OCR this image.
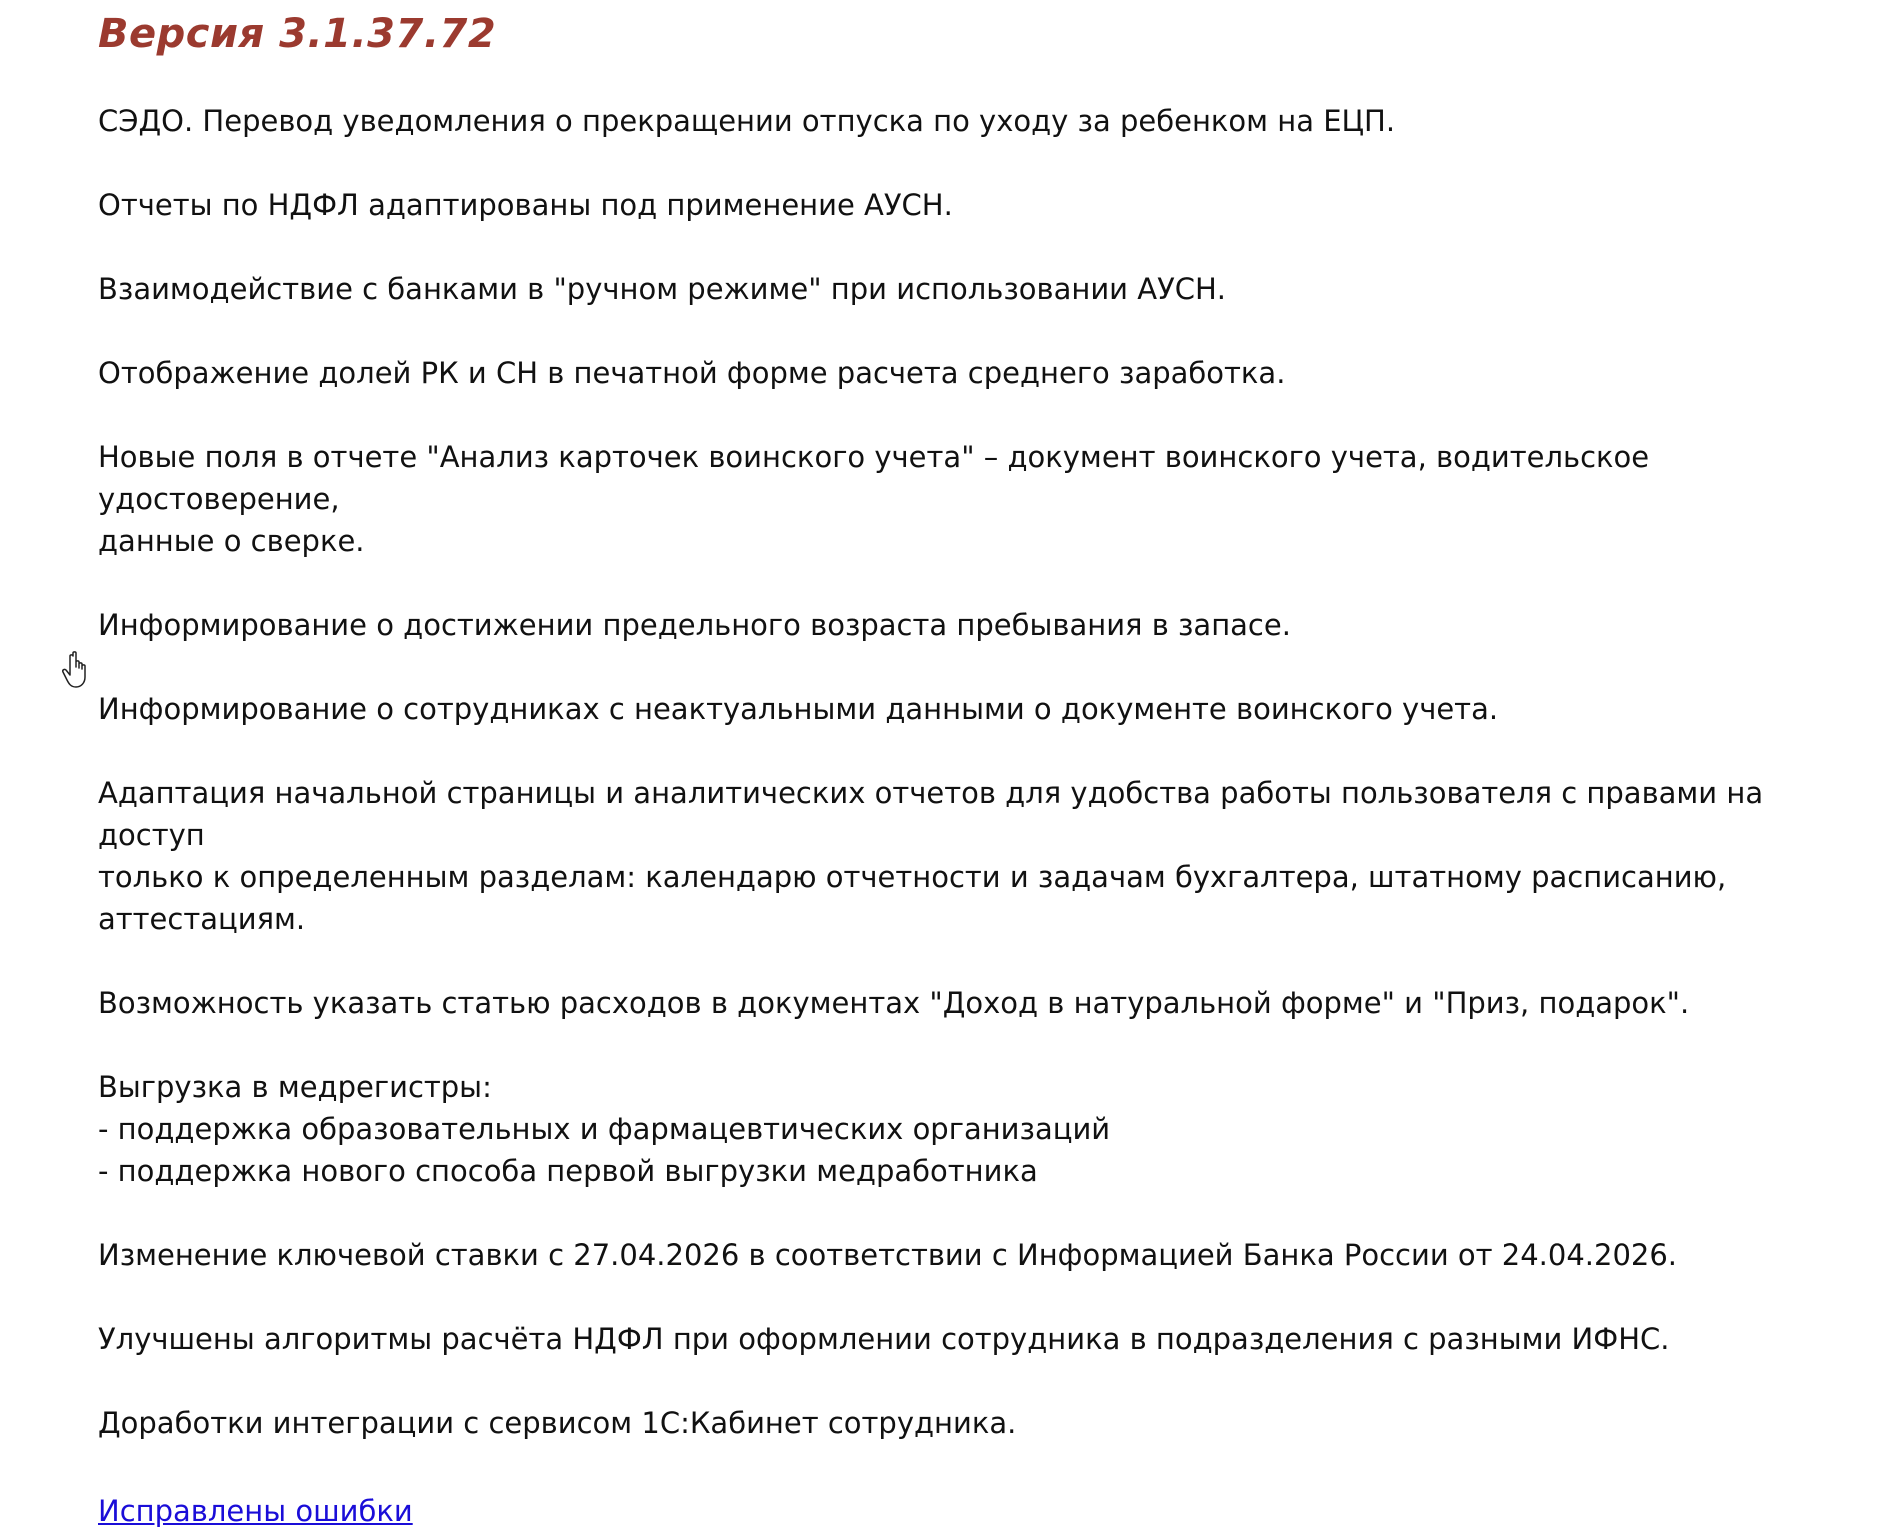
Версия 3.1.37.72
СЭДО. Перевод уведомления о прекращении отпуска по уходу за ребенком на ЕЦП.
Отчеты по НДФЛ адаптированы под применение АУСН.
Взаимодействие с банками в "ручном режиме" при использовании АУСН.
Отображение долей РК и СН в печатной форме расчета среднего заработка.
Новые поля в отчете "Анализ карточек воинского учета" – документ воинского учета, водительское удостоверение,
данные о сверке.
Информирование о достижении предельного возраста пребывания в запасе.
Информирование о сотрудниках с неактуальными данными о документе воинского учета.
Адаптация начальной страницы и аналитических отчетов для удобства работы пользователя с правами на доступ
только к определенным разделам: календарю отчетности и задачам бухгалтера, штатному расписанию,
аттестациям.
Возможность указать статью расходов в документах "Доход в натуральной форме" и "Приз, подарок".
Выгрузка в медрегистры:
- поддержка образовательных и фармацевтических организаций
- поддержка нового способа первой выгрузки медработника
Изменение ключевой ставки с 27.04.2026 в соответствии с Информацией Банка России от 24.04.2026.
Улучшены алгоритмы расчёта НДФЛ при оформлении сотрудника в подразделения с разными ИФНС.
Доработки интеграции с сервисом 1С:Кабинет сотрудника.
Исправлены ошибки
